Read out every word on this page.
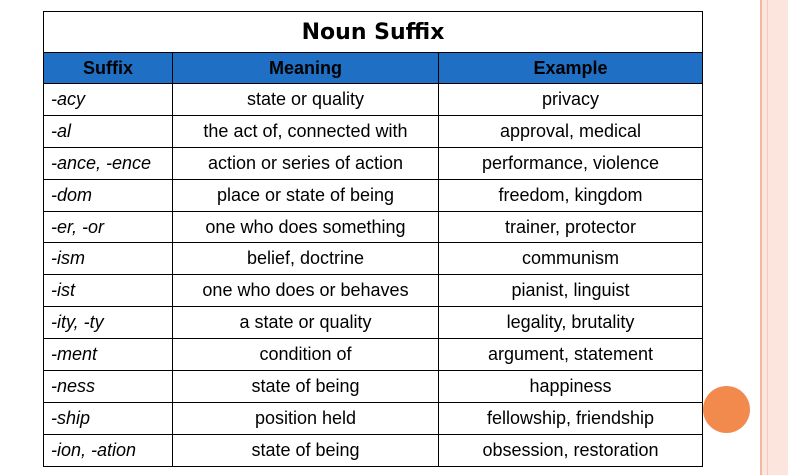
Noun Suffix		
Suffix	Meaning	Example
-acy	state or quality	privacy
-al	the act of, connected with	approval, medical
-ance, -ence	action or series of action	performance, violence
-dom	place or state of being	freedom, kingdom
-er, -or	one who does something	trainer, protector
-ism	belief, doctrine	communism
-ist	one who does or behaves	pianist, linguist
-ity, -ty	a state or quality	legality, brutality
-ment	condition of	argument, statement
-ness	state of being	happiness
-ship	position held	fellowship, friendship
-ion, -ation	state of being	obsession, restoration
